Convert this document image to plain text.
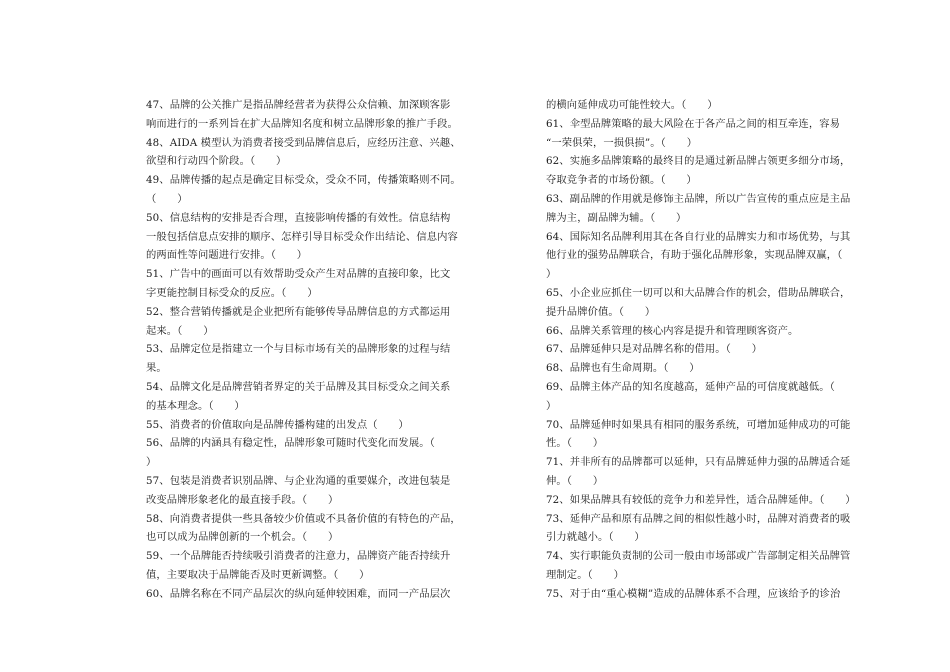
47、品牌的公关推广是指品牌经营者为获得公众信赖、加深顾客影
响而进行的一系列旨在扩大品牌知名度和树立品牌形象的推广手段。
48、AIDA 模型认为消费者接受到品牌信息后，应经历注意、兴趣、
欲望和行动四个阶段。（　　）
49、品牌传播的起点是确定目标受众，受众不同，传播策略则不同。
（　　）
50、信息结构的安排是否合理，直接影响传播的有效性。信息结构
一般包括信息点安排的顺序、怎样引导目标受众作出结论、信息内容
的两面性等问题进行安排。（　　）
51、广告中的画面可以有效帮助受众产生对品牌的直接印象，比文
字更能控制目标受众的反应。（　　）
52、整合营销传播就是企业把所有能够传导品牌信息的方式都运用
起来。（　　）
53、品牌定位是指建立一个与目标市场有关的品牌形象的过程与结
果。
54、品牌文化是品牌营销者界定的关于品牌及其目标受众之间关系
的基本理念。（　　）
55、消费者的价值取向是品牌传播构建的出发点（　　）
56、品牌的内涵具有稳定性，品牌形象可随时代变化而发展。（
）
57、包装是消费者识别品牌、与企业沟通的重要媒介，改进包装是
改变品牌形象老化的最直接手段。（　　）
58、向消费者提供一些具备较少价值或不具备价值的有特色的产品，
也可以成为品牌创新的一个机会。（　　）
59、一个品牌能否持续吸引消费者的注意力，品牌资产能否持续升
值，主要取决于品牌能否及时更新调整。（　　）
60、品牌名称在不同产品层次的纵向延伸较困难，而同一产品层次
的横向延伸成功可能性较大。（　　）
61、伞型品牌策略的最大风险在于各产品之间的相互牵连，容易
“一荣俱荣，一损俱损”。（　　）
62、实施多品牌策略的最终目的是通过新品牌占领更多细分市场，
夺取竞争者的市场份额。（　　）
63、副品牌的作用就是修饰主品牌，所以广告宣传的重点应是主品
牌为主，副品牌为辅。（　　）
64、国际知名品牌利用其在各自行业的品牌实力和市场优势，与其
他行业的强势品牌联合，有助于强化品牌形象，实现品牌双赢，（
）
65、小企业应抓住一切可以和大品牌合作的机会，借助品牌联合，
提升品牌价值。（　　）
66、品牌关系管理的核心内容是提升和管理顾客资产。
67、品牌延伸只是对品牌名称的借用。（　　）
68、品牌也有生命周期。（　　）
69、品牌主体产品的知名度越高，延伸产品的可信度就越低。（
）
70、品牌延伸时如果具有相同的服务系统，可增加延伸成功的可能
性。（　　）
71、并非所有的品牌都可以延伸，只有品牌延伸力强的品牌适合延
伸。（　　）
72、如果品牌具有较低的竞争力和差异性，适合品牌延伸。（　　）
73、延伸产品和原有品牌之间的相似性越小时，品牌对消费者的吸
引力就越小。（　　）
74、实行职能负责制的公司一般由市场部或广告部制定相关品牌管
理制定。（　　）
75、对于由“重心模糊”造成的品牌体系不合理，应该给予的诊治
